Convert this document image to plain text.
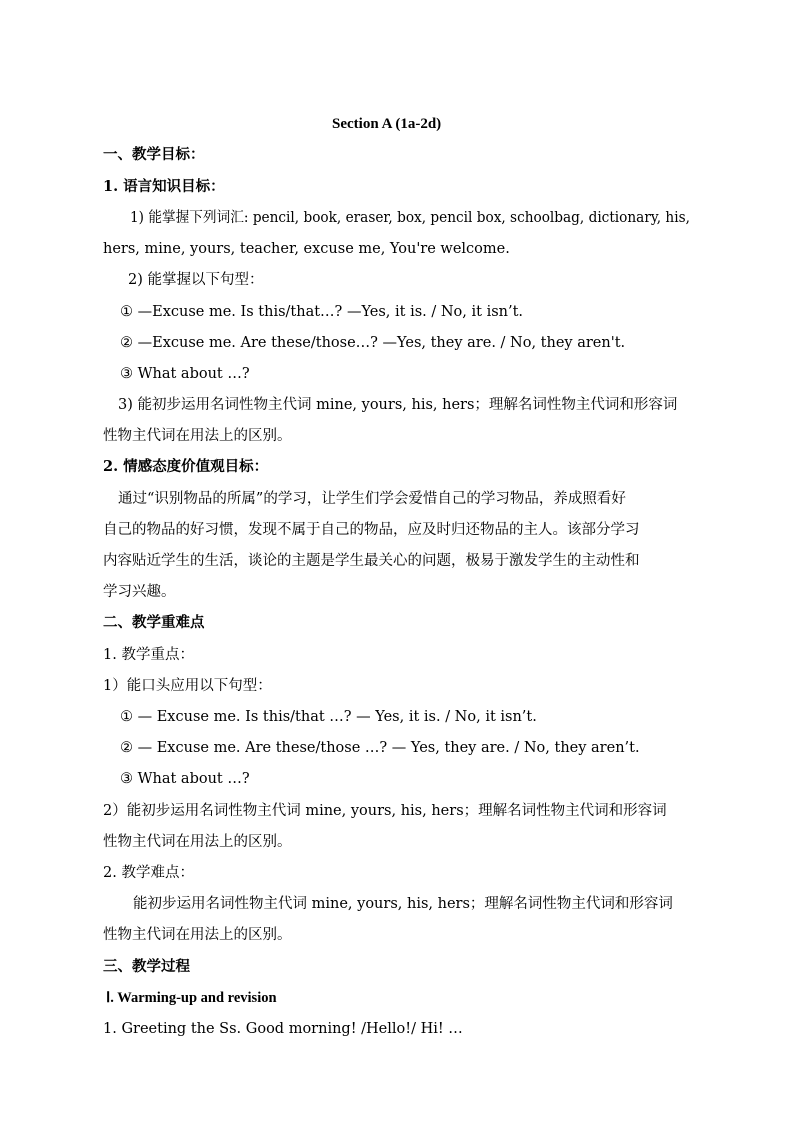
Section A (1a-2d)
一、教学目标：
1. 语言知识目标：
1) 能掌握下列词汇: pencil, book, eraser, box, pencil box, schoolbag, dictionary, his,
hers, mine, yours, teacher, excuse me, You're welcome.
2) 能掌握以下句型：
① —Excuse me. Is this/that…? —Yes, it is. / No, it isn’t.
② —Excuse me. Are these/those…? —Yes, they are. / No, they aren't.
③ What about …?
3) 能初步运用名词性物主代词 mine, yours, his, hers；理解名词性物主代词和形容词
性物主代词在用法上的区别。
2. 情感态度价值观目标：
通过“识别物品的所属”的学习，让学生们学会爱惜自己的学习物品，养成照看好
自己的物品的好习惯，发现不属于自己的物品，应及时归还物品的主人。该部分学习
内容贴近学生的生活，谈论的主题是学生最关心的问题，极易于激发学生的主动性和
学习兴趣。
二、教学重难点
1. 教学重点：
1）能口头应用以下句型：
① — Excuse me. Is this/that …? — Yes, it is. / No, it isn’t.
② — Excuse me. Are these/those …? — Yes, they are. / No, they aren’t.
③ What about …?
2）能初步运用名词性物主代词 mine, yours, his, hers；理解名词性物主代词和形容词
性物主代词在用法上的区别。
2. 教学难点：
能初步运用名词性物主代词 mine, yours, his, hers；理解名词性物主代词和形容词
性物主代词在用法上的区别。
三、教学过程
Ⅰ. Warming-up and revision
1. Greeting the Ss. Good morning! /Hello!/ Hi! …
